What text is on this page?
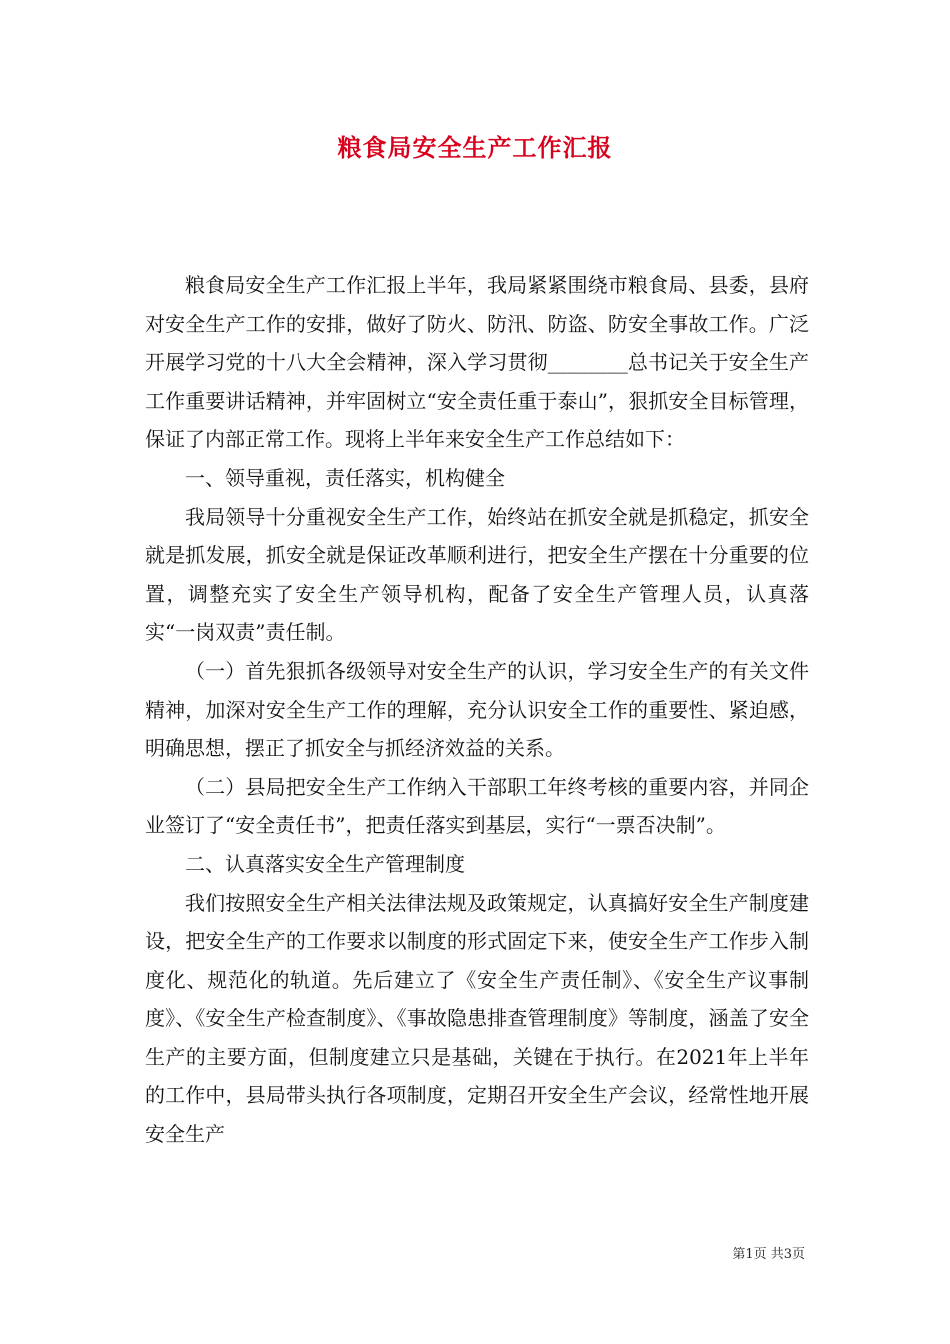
粮食局安全生产工作汇报

粮食局安全生产工作汇报上半年，我局紧紧围绕市粮食局、县委，县府对安全生产工作的安排，做好了防火、防汛、防盗、防安全事故工作。广泛开展学习党的十八大全会精神，深入学习贯彻________总书记关于安全生产工作重要讲话精神，并牢固树立“安全责任重于泰山”，狠抓安全目标管理，保证了内部正常工作。现将上半年来安全生产工作总结如下：

一、领导重视，责任落实，机构健全

我局领导十分重视安全生产工作，始终站在抓安全就是抓稳定，抓安全就是抓发展，抓安全就是保证改革顺利进行，把安全生产摆在十分重要的位置，调整充实了安全生产领导机构，配备了安全生产管理人员，认真落实“一岗双责”责任制。

（一）首先狠抓各级领导对安全生产的认识，学习安全生产的有关文件精神，加深对安全生产工作的理解，充分认识安全工作的重要性、紧迫感，明确思想，摆正了抓安全与抓经济效益的关系。

（二）县局把安全生产工作纳入干部职工年终考核的重要内容，并同企业签订了“安全责任书”，把责任落实到基层，实行“一票否决制”。

二、认真落实安全生产管理制度

我们按照安全生产相关法律法规及政策规定，认真搞好安全生产制度建设，把安全生产的工作要求以制度的形式固定下来，使安全生产工作步入制度化、规范化的轨道。先后建立了《安全生产责任制》、《安全生产议事制度》、《安全生产检查制度》、《事故隐患排查管理制度》等制度，涵盖了安全生产的主要方面，但制度建立只是基础，关键在于执行。在2021年上半年的工作中，县局带头执行各项制度，定期召开安全生产会议，经常性地开展安全生产

第1页 共3页
